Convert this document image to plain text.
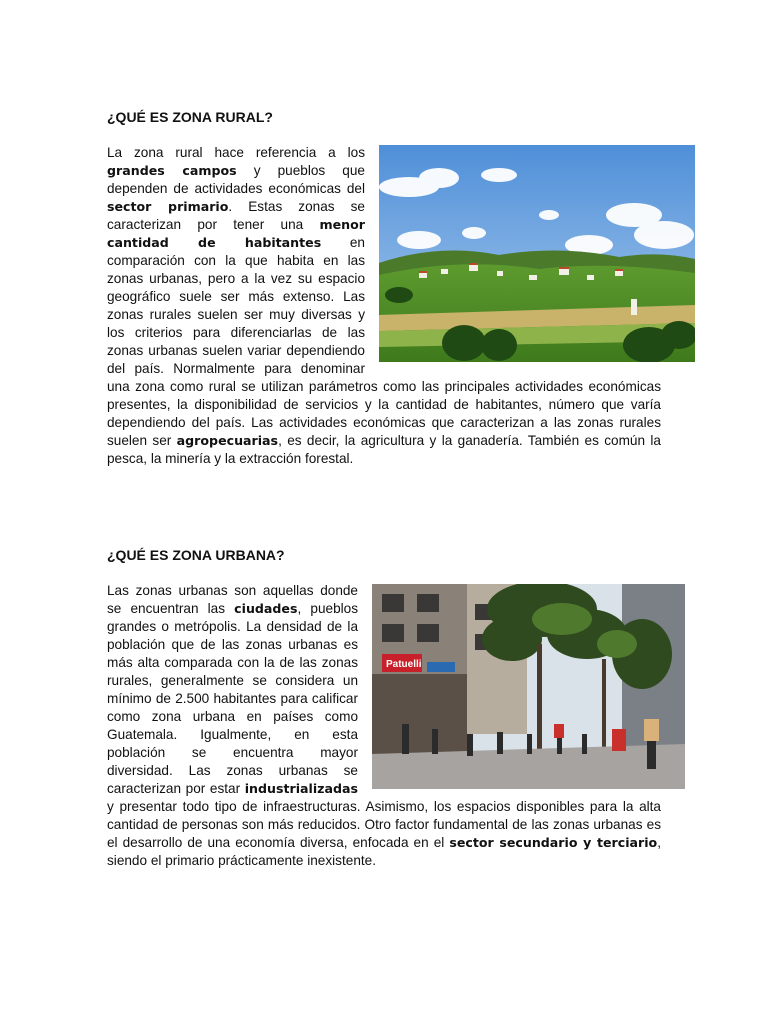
¿QUÉ ES ZONA RURAL?

La zona rural hace referencia a los grandes campos y pueblos que dependen de actividades económicas del sector primario. Estas zonas se caracterizan por tener una menor cantidad de habitantes en comparación con la que habita en las zonas urbanas, pero a la vez su espacio geográfico suele ser más extenso. Las zonas rurales suelen ser muy diversas y los criterios para diferenciarlas de las zonas urbanas suelen variar dependiendo del país. Normalmente para denominar una zona como rural se utilizan parámetros como las principales actividades económicas presentes, la disponibilidad de servicios y la cantidad de habitantes, número que varía dependiendo del país. Las actividades económicas que caracterizan a las zonas rurales suelen ser agropecuarias, es decir, la agricultura y la ganadería. También es común la pesca, la minería y la extracción forestal.

¿QUÉ ES ZONA URBANA?
Patuelli

Las zonas urbanas son aquellas donde se encuentran las ciudades, pueblos grandes o metrópolis. La densidad de la población que de las zonas urbanas es más alta comparada con la de las zonas rurales, generalmente se considera un mínimo de 2.500 habitantes para calificar como zona urbana en países como Guatemala. Igualmente, en esta población se encuentra mayor diversidad. Las zonas urbanas se caracterizan por estar industrializadas y presentar todo tipo de infraestructuras. Asimismo, los espacios disponibles para la alta cantidad de personas son más reducidos. Otro factor fundamental de las zonas urbanas es el desarrollo de una economía diversa, enfocada en el sector secundario y terciario, siendo el primario prácticamente inexistente.
